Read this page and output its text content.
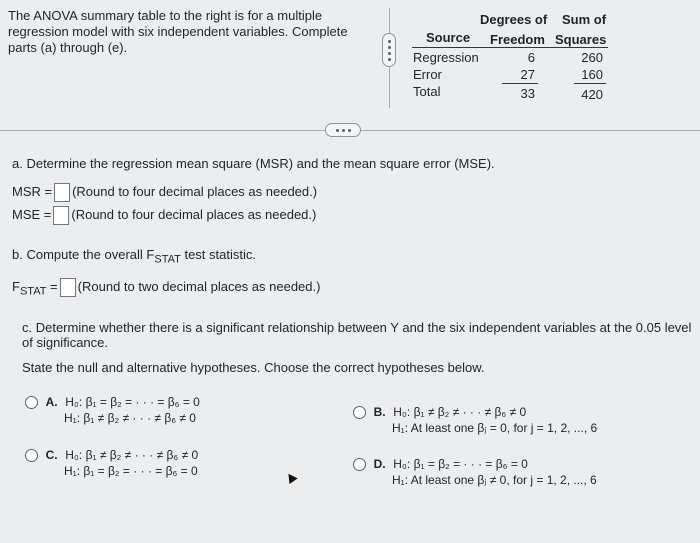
The ANOVA summary table to the right is for a multiple regression model with six independent variables. Complete parts (a) through (e).
Degrees of Sum of
Source Freedom Squares
Regression	6	260
Error	27	160
Total	33	420
a. Determine the regression mean square (MSR) and the mean square error (MSE).
MSR = (Round to four decimal places as needed.)
MSE = (Round to four decimal places as needed.)
b. Compute the overall $F_{STAT}$ test statistic.
$F_{STAT}$ = (Round to two decimal places as needed.)
c. Determine whether there is a significant relationship between Y and the six independent variables at the 0.05 level of significance.
State the null and alternative hypotheses. Choose the correct hypotheses below.
A. H₀: β₁ = β₂ = · · · = β₆ = 0
H₁: β₁ ≠ β₂ ≠ · · · ≠ β₆ ≠ 0	B. H₀: β₁ ≠ β₂ ≠ · · · ≠ β₆ ≠ 0
H₁: At least one βⱼ = 0, for j = 1, 2, ..., 6
C. H₀: β₁ ≠ β₂ ≠ · · · ≠ β₆ ≠ 0
H₁: β₁ = β₂ = · · · = β₆ = 0	D. H₀: β₁ = β₂ = · · · = β₆ = 0
H₁: At least one βⱼ ≠ 0, for j = 1, 2, ..., 6
